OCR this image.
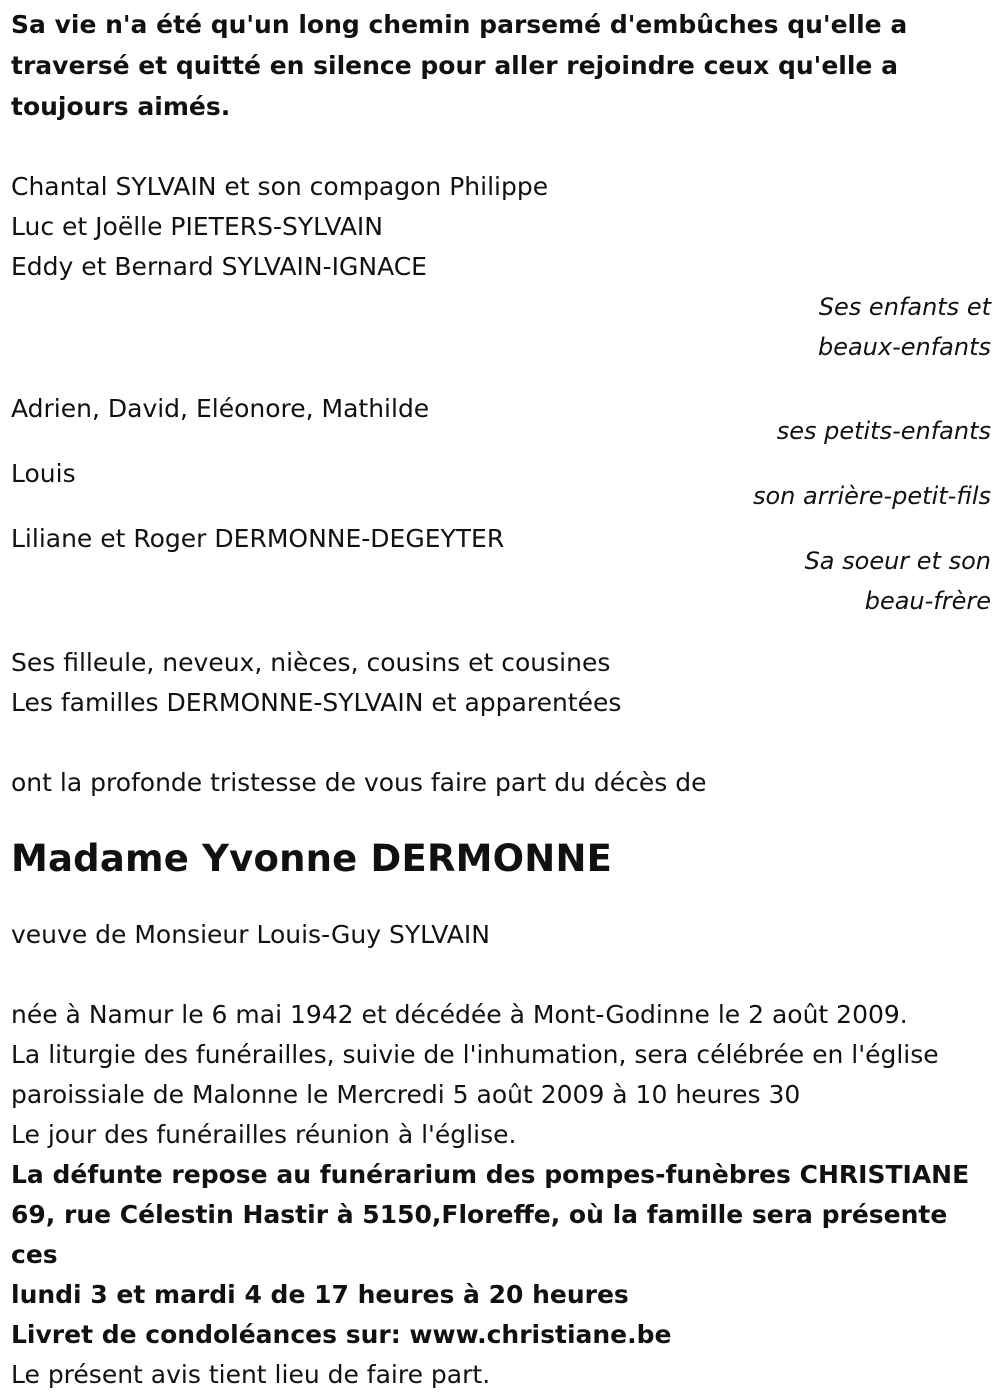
Sa vie n'a été qu'un long chemin parsemé d'embûches qu'elle a traversé et quitté en silence pour aller rejoindre ceux qu'elle a toujours aimés.

Chantal SYLVAIN et son compagon Philippe

Luc et Joëlle PIETERS-SYLVAIN

Eddy et Bernard SYLVAIN-IGNACE

Ses enfants et

beaux-enfants

Adrien, David, Eléonore, Mathilde

ses petits-enfants

Louis

son arrière-petit-fils

Liliane et Roger DERMONNE-DEGEYTER

Sa soeur et son

beau-frère

Ses filleule, neveux, nièces, cousins et cousines

Les familles DERMONNE-SYLVAIN et apparentées

ont la profonde tristesse de vous faire part du décès de

Madame Yvonne DERMONNE

veuve de Monsieur Louis-Guy SYLVAIN

née à Namur le 6 mai 1942 et décédée à Mont-Godinne le 2 août 2009.

La liturgie des funérailles, suivie de l'inhumation, sera célébrée en l'église

paroissiale de Malonne le Mercredi 5 août 2009 à 10 heures 30

Le jour des funérailles réunion à l'église.

La défunte repose au funérarium des pompes-funèbres CHRISTIANE

69, rue Célestin Hastir à 5150,Floreffe, où la famille sera présente ces

lundi 3 et mardi 4 de 17 heures à 20 heures

Livret de condoléances sur: www.christiane.be

Le présent avis tient lieu de faire part.
